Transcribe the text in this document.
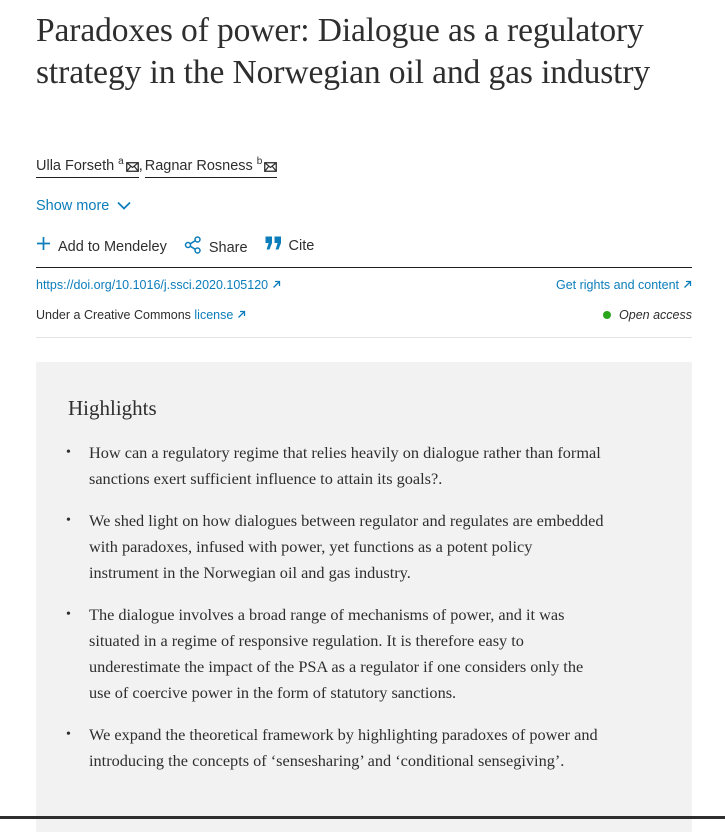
Paradoxes of power: Dialogue as a regulatory strategy in the Norwegian oil and gas industry
Ulla Forseth $^a$ , Ragnar Rosness $^b$
Show more
Add to Mendeley	Share	Cite
https://doi.org/10.1016/j.ssci.2020.105120	Get rights and content
Under a Creative Commons license	Open access
Highlights
• How can a regulatory regime that relies heavily on dialogue rather than formal sanctions exert sufficient influence to attain its goals?.
• We shed light on how dialogues between regulator and regulates are embedded with paradoxes, infused with power, yet functions as a potent policy instrument in the Norwegian oil and gas industry.
• The dialogue involves a broad range of mechanisms of power, and it was situated in a regime of responsive regulation. It is therefore easy to underestimate the impact of the PSA as a regulator if one considers only the use of coercive power in the form of statutory sanctions.
• We expand the theoretical framework by highlighting paradoxes of power and introducing the concepts of ‘sensesharing’ and ‘conditional sensegiving’.
